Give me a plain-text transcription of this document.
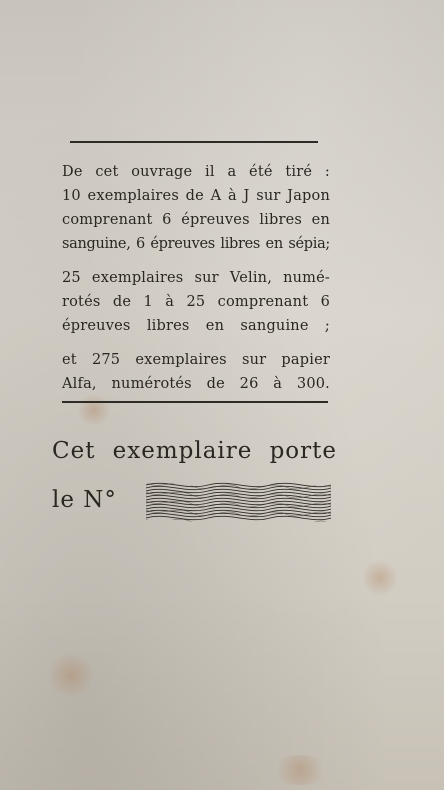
De cet ouvrage il a été tiré :
10 exemplaires de A à J sur Japon
comprenant 6 épreuves libres en
sanguine, 6 épreuves libres en sépia;

25 exemplaires sur Velin, numé-
rotés de 1 à 25 comprenant 6
épreuves libres en sanguine ;

et 275 exemplaires sur papier
Alfa, numérotés de 26 à 300.

Cet exemplaire porte
le N°
